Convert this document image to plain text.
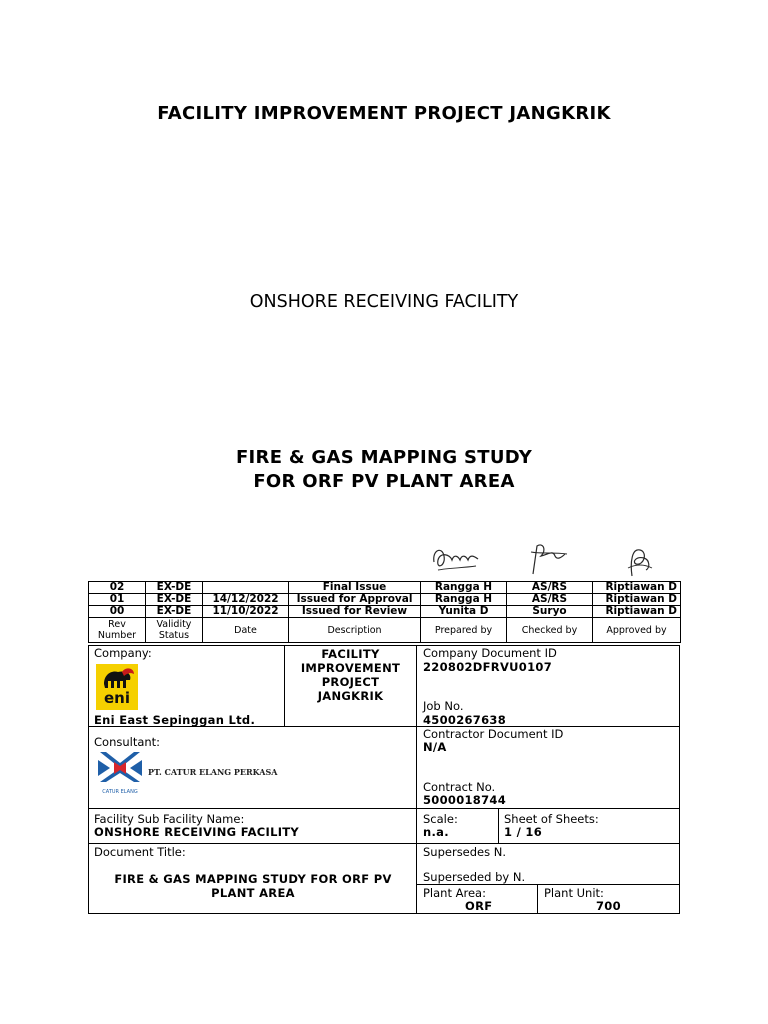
FACILITY IMPROVEMENT PROJECT JANGKRIK
ONSHORE RECEIVING FACILITY
FIRE & GAS MAPPING STUDY
FOR ORF PV PLANT AREA
02	EX-DE		Final Issue	Rangga H	AS/RS	Riptiawan D
01	EX-DE	14/12/2022	Issued for Approval	Rangga H	AS/RS	Riptiawan D
00	EX-DE	11/10/2022	Issued for Review	Yunita D	Suryo	Riptiawan D
Rev Number	Validity Status	Date	Description	Prepared by	Checked by	Approved by
Company:
eni
Eni East Sepinggan Ltd.
FACILITY IMPROVEMENT PROJECT JANGKRIK
Company Document ID
220802DFRVU0107
Job No.
4500267638
Consultant:
CATUR ELANG
PT. CATUR ELANG PERKASA
Contractor Document ID
N/A
Contract No.
5000018744
Facility Sub Facility Name:
ONSHORE RECEIVING FACILITY
Scale:
n.a.
Sheet of Sheets:
1 / 16
Document Title:
FIRE & GAS MAPPING STUDY FOR ORF PV PLANT AREA
Supersedes N.
Superseded by N.
Plant Area:
ORF
Plant Unit:
700
